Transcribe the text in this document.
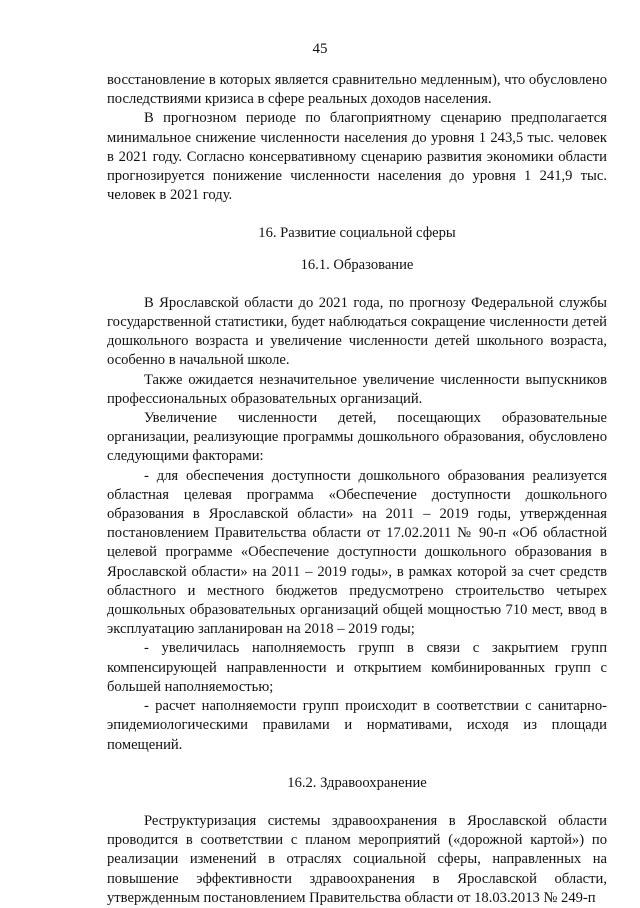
45

восстановление в которых является сравнительно медленным), что обусловлено последствиями кризиса в сфере реальных доходов населения.

В прогнозном периоде по благоприятному сценарию предполагается минимальное снижение численности населения до уровня 1 243,5 тыс. человек в 2021 году. Согласно консервативному сценарию развития экономики области прогнозируется понижение численности населения до уровня 1 241,9 тыс. человек в 2021 году.

16. Развитие социальной сферы

16.1. Образование

В Ярославской области до 2021 года, по прогнозу Федеральной службы государственной статистики, будет наблюдаться сокращение численности детей дошкольного возраста и увеличение численности детей школьного возраста, особенно в начальной школе.

Также ожидается незначительное увеличение численности выпускников профессиональных образовательных организаций.

Увеличение численности детей, посещающих образовательные организации, реализующие программы дошкольного образования, обусловлено следующими факторами:

- для обеспечения доступности дошкольного образования реализуется областная целевая программа «Обеспечение доступности дошкольного образования в Ярославской области» на 2011 – 2019 годы, утвержденная постановлением Правительства области от 17.02.2011 № 90-п «Об областной целевой программе «Обеспечение доступности дошкольного образования в Ярославской области» на 2011 – 2019 годы», в рамках которой за счет средств областного и местного бюджетов предусмотрено строительство четырех дошкольных образовательных организаций общей мощностью 710 мест, ввод в эксплуатацию запланирован на 2018 – 2019 годы;

- увеличилась наполняемость групп в связи с закрытием групп компенсирующей направленности и открытием комбинированных групп с большей наполняемостью;

- расчет наполняемости групп происходит в соответствии с санитарно-эпидемиологическими правилами и нормативами, исходя из площади помещений.

16.2. Здравоохранение

Реструктуризация системы здравоохранения в Ярославской области проводится в соответствии с планом мероприятий («дорожной картой») по реализации изменений в отраслях социальной сферы, направленных на повышение эффективности здравоохранения в Ярославской области, утвержденным постановлением Правительства области от 18.03.2013 № 249-п
